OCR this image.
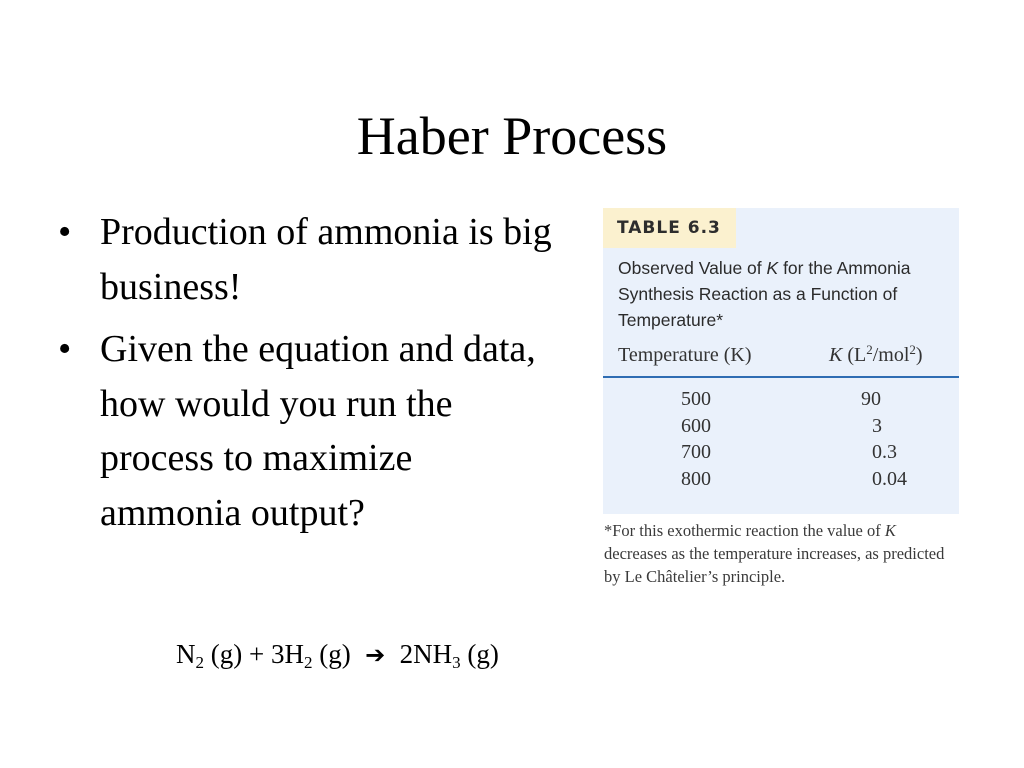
Haber Process
• Production of ammonia is big business!
• Given the equation and data, how would you run the process to maximize ammonia output?
TABLE 6.3
Observed Value of K for the Ammonia Synthesis Reaction as a Function of Temperature*
Temperature (K)	K $(L^2/mol^2)$
500	90
600	3
700	0.3
800	0.04
*For this exothermic reaction the value of K decreases as the temperature increases, as predicted by Le Châtelier’s principle.
$N_2$ $(g) + 3H_2$ (g)  ➔  $2NH_3$ (g)
